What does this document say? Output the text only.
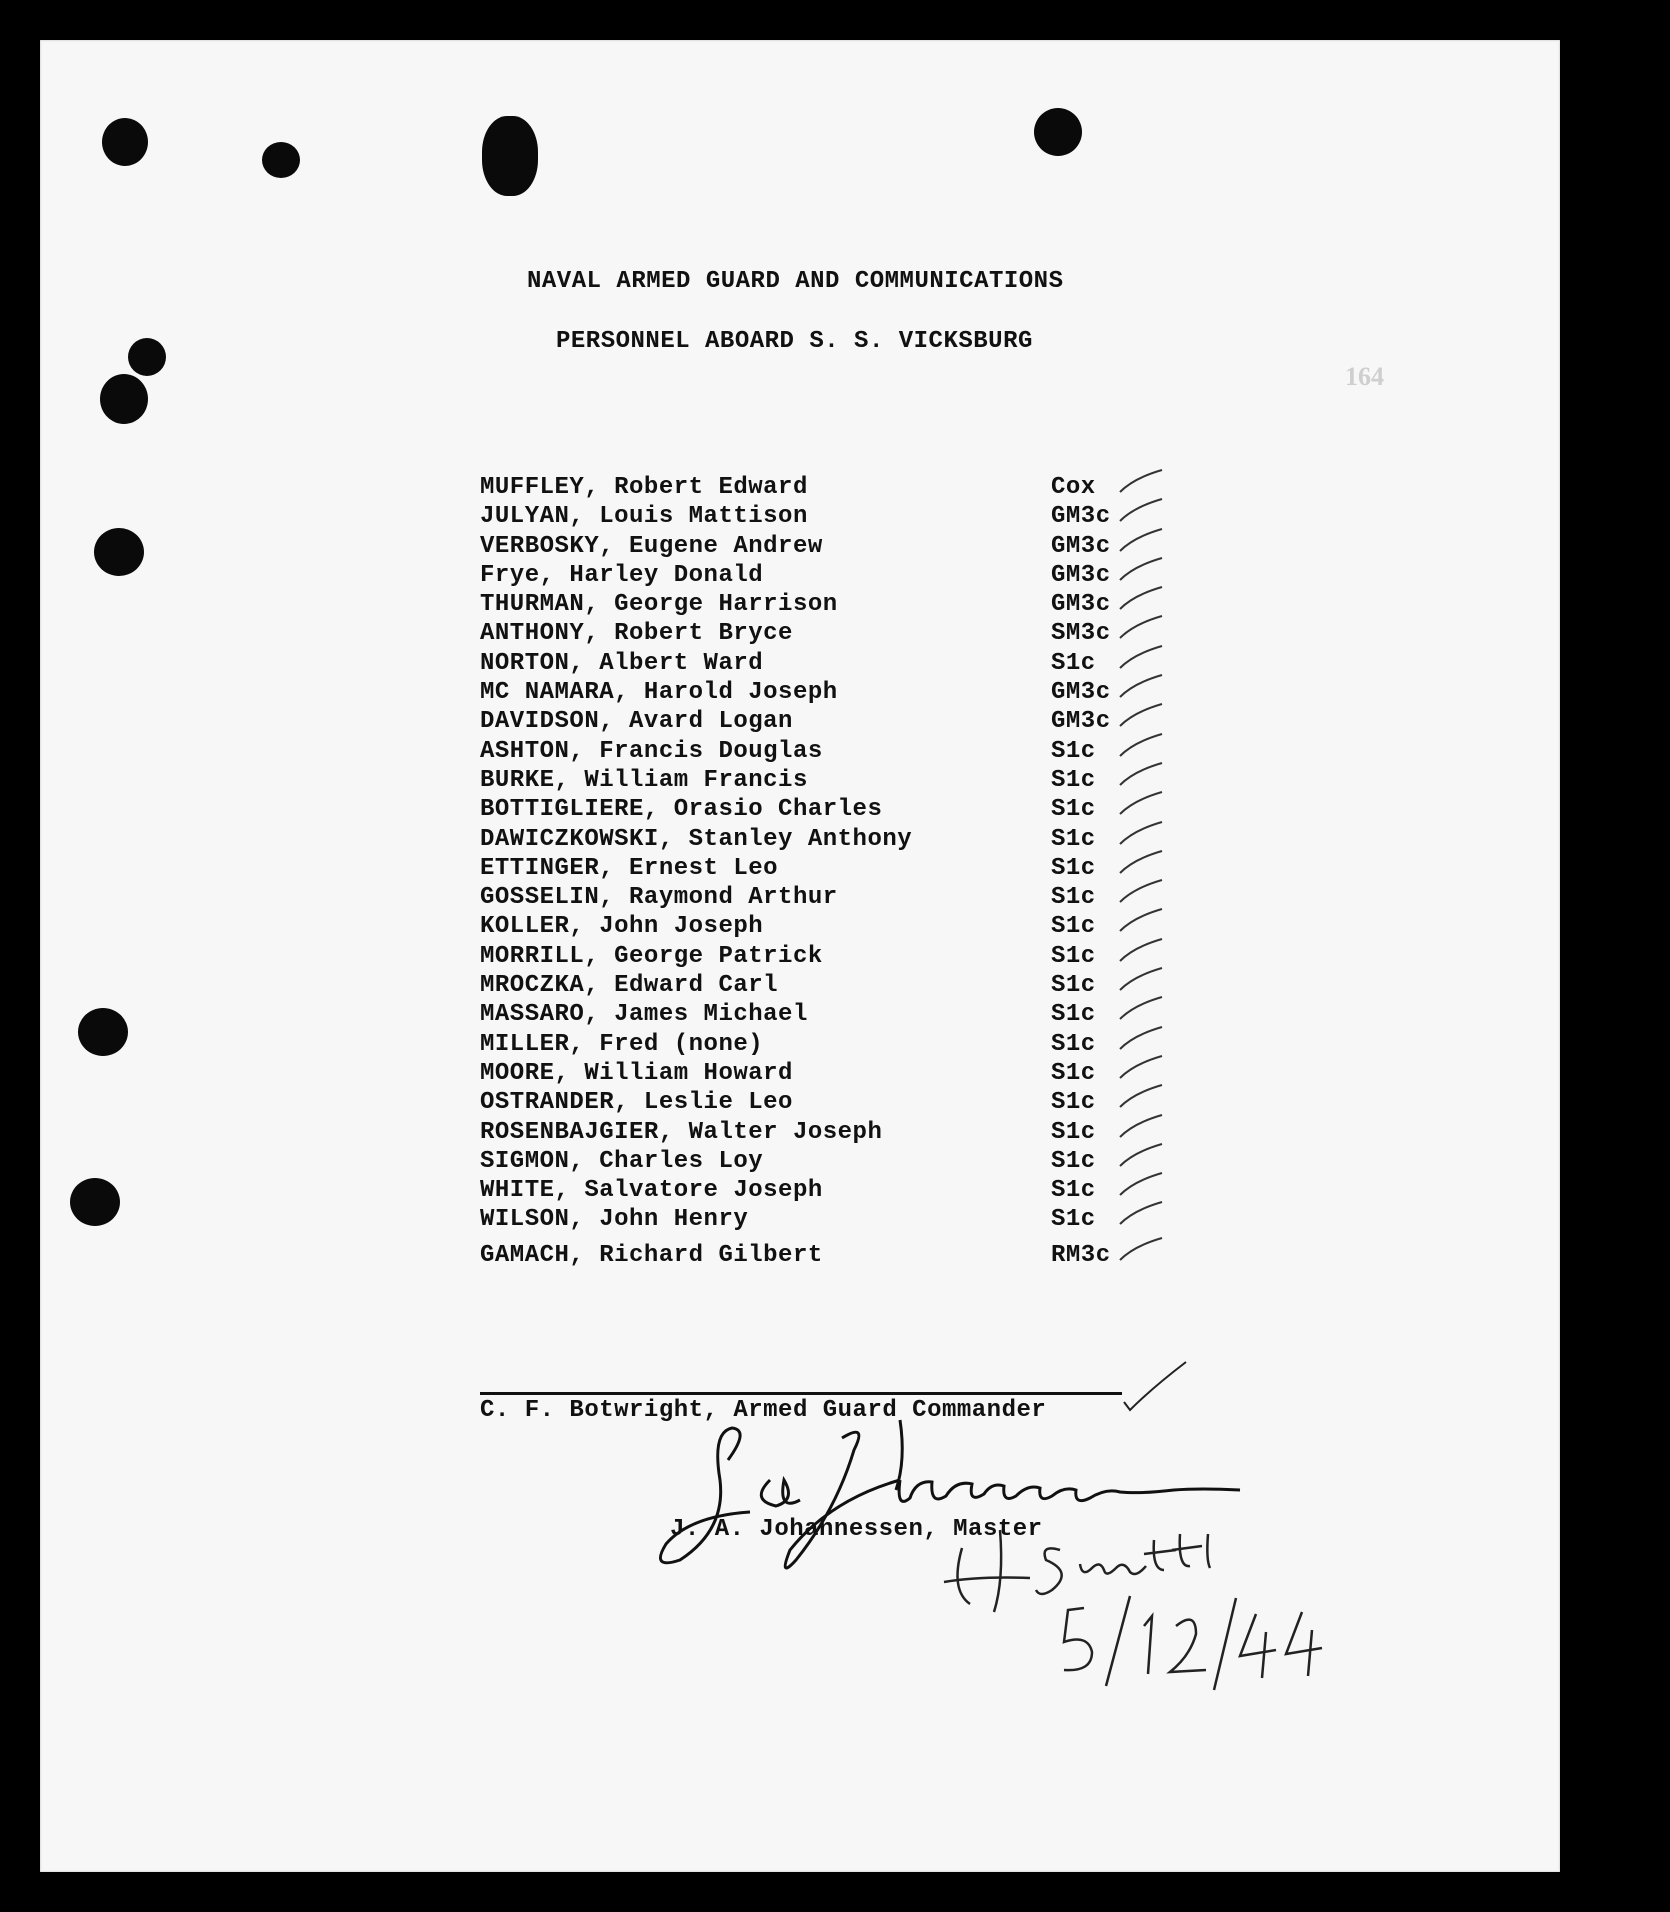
NAVAL ARMED GUARD AND COMMUNICATIONS
PERSONNEL ABOARD S. S. VICKSBURG
164
MUFFLEY, Robert Edward	Cox
JULYAN, Louis Mattison	GM3c
VERBOSKY, Eugene Andrew	GM3c
Frye, Harley Donald	GM3c
THURMAN, George Harrison	GM3c
ANTHONY, Robert Bryce	SM3c
NORTON, Albert Ward	S1c
MC NAMARA, Harold Joseph	GM3c
DAVIDSON, Avard Logan	GM3c
ASHTON, Francis Douglas	S1c
BURKE, William Francis	S1c
BOTTIGLIERE, Orasio Charles	S1c
DAWICZKOWSKI, Stanley Anthony	S1c
ETTINGER, Ernest Leo	S1c
GOSSELIN, Raymond Arthur	S1c
KOLLER, John Joseph	S1c
MORRILL, George Patrick	S1c
MROCZKA, Edward Carl	S1c
MASSARO, James Michael	S1c
MILLER, Fred (none)	S1c
MOORE, William Howard	S1c
OSTRANDER, Leslie Leo	S1c
ROSENBAJGIER, Walter Joseph	S1c
SIGMON, Charles Loy	S1c
WHITE, Salvatore Joseph	S1c
WILSON, John Henry	S1c
GAMACH, Richard Gilbert	RM3c
C. F. Botwright, Armed Guard Commander
J. A. Johannessen, Master
